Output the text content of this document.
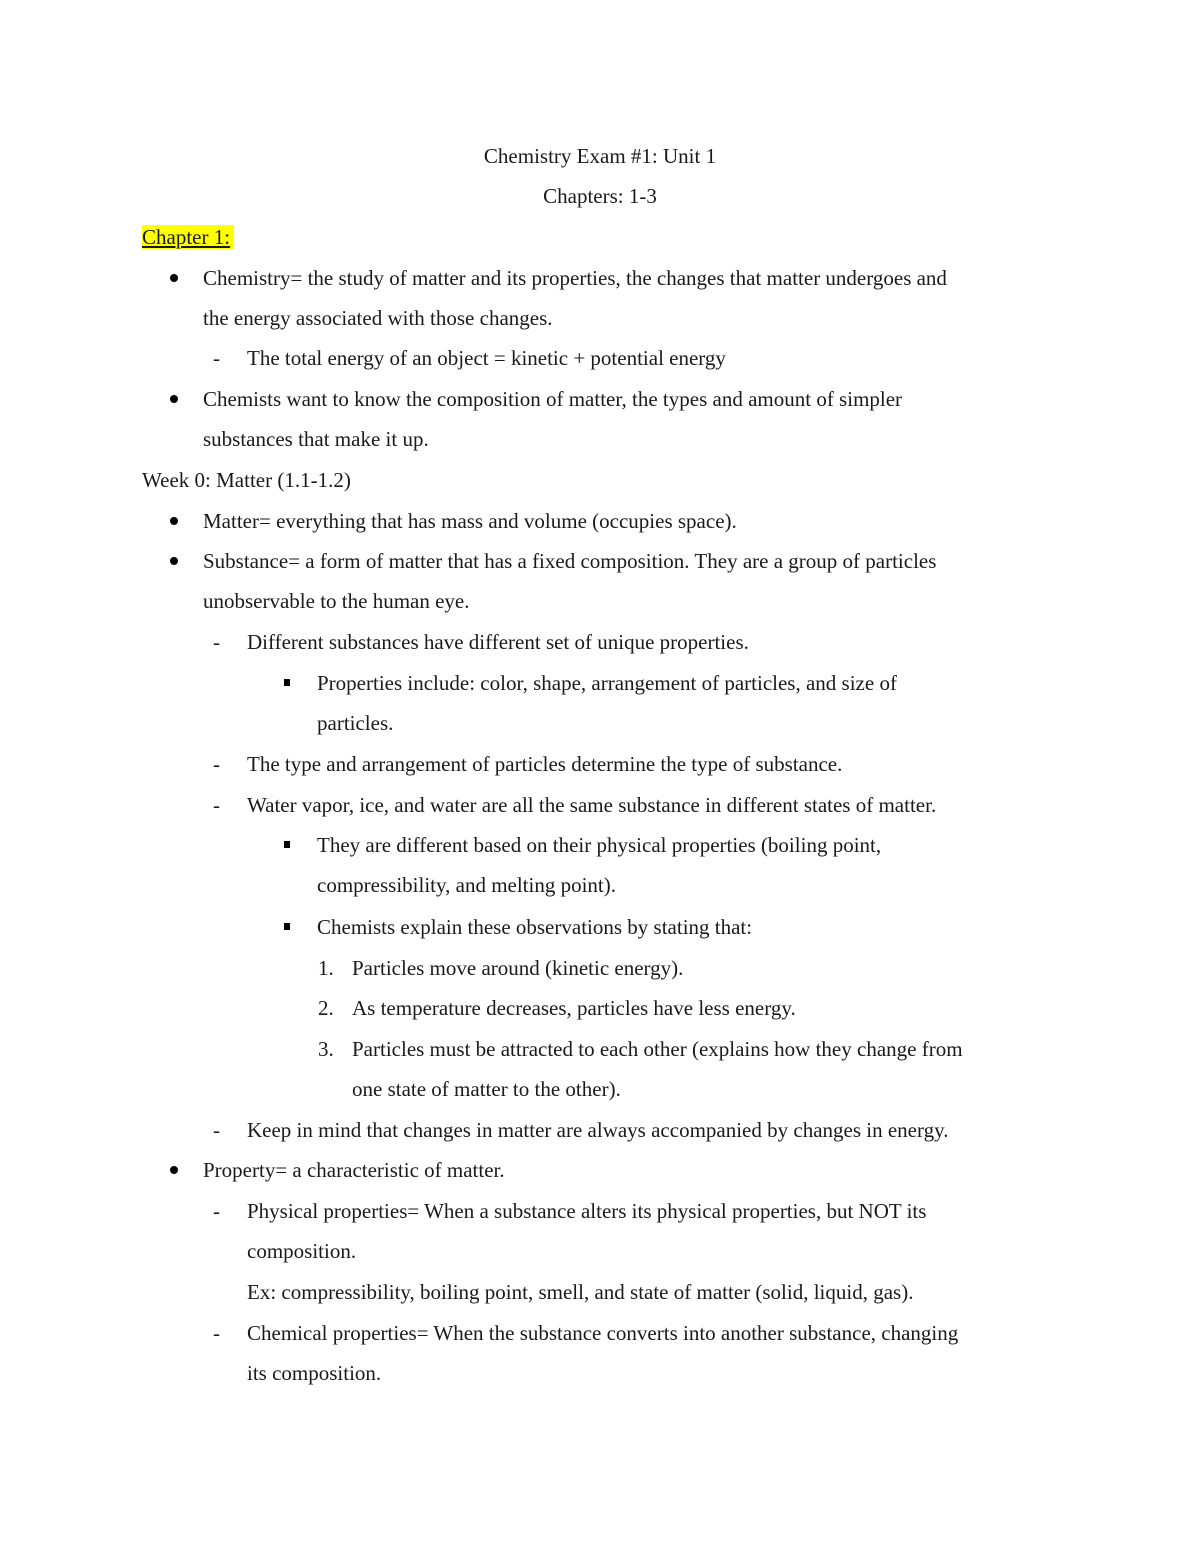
Chemistry Exam #1: Unit 1
Chapters: 1-3
Chapter 1:
Chemistry= the study of matter and its properties, the changes that matter undergoes and
the energy associated with those changes.
- The total energy of an object = kinetic + potential energy
Chemists want to know the composition of matter, the types and amount of simpler
substances that make it up.
Week 0: Matter (1.1-1.2)
Matter= everything that has mass and volume (occupies space).
Substance= a form of matter that has a fixed composition. They are a group of particles
unobservable to the human eye.
- Different substances have different set of unique properties.
Properties include: color, shape, arrangement of particles, and size of
particles.
- The type and arrangement of particles determine the type of substance.
- Water vapor, ice, and water are all the same substance in different states of matter.
They are different based on their physical properties (boiling point,
compressibility, and melting point).
Chemists explain these observations by stating that:
1. Particles move around (kinetic energy).
2. As temperature decreases, particles have less energy.
3. Particles must be attracted to each other (explains how they change from
one state of matter to the other).
- Keep in mind that changes in matter are always accompanied by changes in energy.
Property= a characteristic of matter.
- Physical properties= When a substance alters its physical properties, but NOT its
composition.
Ex: compressibility, boiling point, smell, and state of matter (solid, liquid, gas).
- Chemical properties= When the substance converts into another substance, changing
its composition.
